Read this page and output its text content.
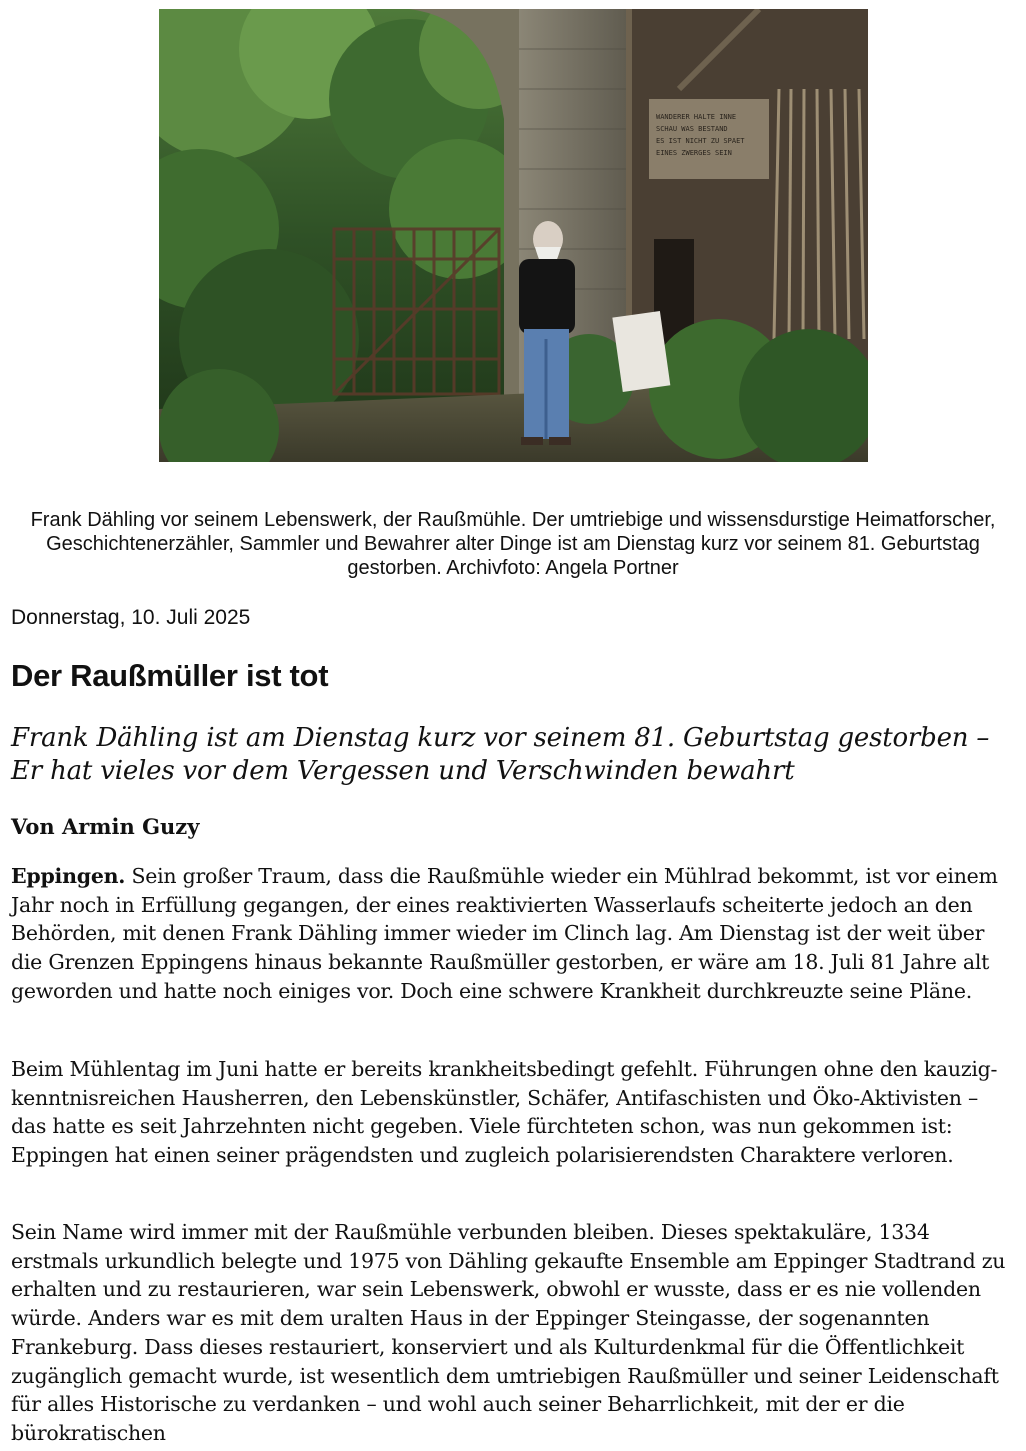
WANDERER HALTE INNE
SCHAU WAS BESTAND
ES IST NICHT ZU SPAET
EINES ZWERGES SEIN

Frank Dähling vor seinem Lebenswerk, der Raußmühle. Der umtriebige und wissensdurstige Heimatforscher, Geschichtenerzähler, Sammler und Bewahrer alter Dinge ist am Dienstag kurz vor seinem 81. Geburtstag gestorben. Archivfoto: Angela Portner

Donnerstag, 10. Juli 2025

Der Raußmüller ist tot

Frank Dähling ist am Dienstag kurz vor seinem 81. Geburtstag gestorben – Er hat vieles vor dem Vergessen und Verschwinden bewahrt

Von Armin Guzy

Eppingen. Sein großer Traum, dass die Raußmühle wieder ein Mühlrad bekommt, ist vor einem Jahr noch in Erfüllung gegangen, der eines reaktivierten Wasserlaufs scheiterte jedoch an den Behörden, mit denen Frank Dähling immer wieder im Clinch lag. Am Dienstag ist der weit über die Grenzen Eppingens hinaus bekannte Raußmüller gestorben, er wäre am 18. Juli 81 Jahre alt geworden und hatte noch einiges vor. Doch eine schwere Krankheit durchkreuzte seine Pläne.

Beim Mühlentag im Juni hatte er bereits krankheitsbedingt gefehlt. Führungen ohne den kauzig-kenntnisreichen Hausherren, den Lebenskünstler, Schäfer, Antifaschisten und Öko-Aktivisten – das hatte es seit Jahrzehnten nicht gegeben. Viele fürchteten schon, was nun gekommen ist: Eppingen hat einen seiner prägendsten und zugleich polarisierendsten Charaktere verloren.

Sein Name wird immer mit der Raußmühle verbunden bleiben. Dieses spektakuläre, 1334 erstmals urkundlich belegte und 1975 von Dähling gekaufte Ensemble am Eppinger Stadtrand zu erhalten und zu restaurieren, war sein Lebenswerk, obwohl er wusste, dass er es nie vollenden würde. Anders war es mit dem uralten Haus in der Eppinger Steingasse, der sogenannten Frankeburg. Dass dieses restauriert, konserviert und als Kulturdenkmal für die Öffentlichkeit zugänglich gemacht wurde, ist wesentlich dem umtriebigen Raußmüller und seiner Leidenschaft für alles Historische zu verdanken – und wohl auch seiner Beharrlichkeit, mit der er die bürokratischen
